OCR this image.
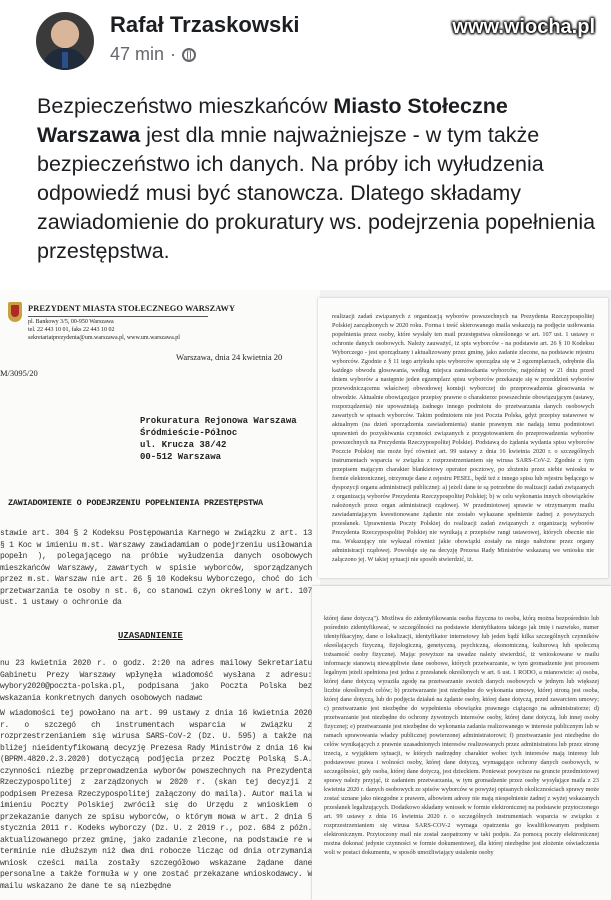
Rafał Trzaskowski
47 min ·
www.wiocha.pl
Bezpieczeństwo mieszkańców Miasto Stołeczne Warszawa jest dla mnie najważniejsze - w tym także bezpieczeństwo ich danych. Na próby ich wyłudzenia odpowiedź musi być stanowcza. Dlatego składamy zawiadomienie do prokuratury ws. podejrzenia popełnienia przestępstwa.
PREZYDENT MIASTA STOŁECZNEGO WARSZAWY
pl. Bankowy 3/5, 00-950 Warszawa
tel. 22 443 10 01, faks 22 443 10 02
sekretariatprezydenta@um.warszawa.pl, www.um.warszawa.pl
Warszawa, dnia 24 kwietnia 20
M/3095/20
Prokuratura Rejonowa Warszawa
Śródmieście-Północ
ul. Krucza 38/42
00-512 Warszawa
ZAWIADOMIENIE O PODEJRZENIU POPEŁNIENIA PRZESTĘPSTWA

stawie art. 304 § 2 Kodeksu Postępowania Karnego w związku z art. 13 § 1 Koc w imieniu m.st. Warszawy zawiadamiam o podejrzeniu usiłowania popełn ), polegającego na próbie wyłudzenia danych osobowych mieszkańców Warszawy, zawartych w spisie wyborców, sporządzanych przez m.st. Warszaw nie art. 26 § 10 Kodeksu Wyborczego, choć do ich przetwarzania te osoby n st. 6, co stanowi czyn określony w art. 107 ust. 1 ustawy o ochronie da

UZASADNIENIE

nu 23 kwietnia 2020 r. o godz. 2:20 na adres mailowy Sekretariatu Gabinetu Prezy Warszawy wpłynęła wiadomość wysłana z adresu: wybory2020@poczta-polska.pl, podpisana jako Poczta Polska bez wskazania konkretnych danych osobowych nadawc

W wiadomości tej powołano na art. 99 ustawy z dnia 16 kwietnia 2020 r. o szczegó ch instrumentach wsparcia w związku z rozprzestrzenianiem się wirusa SARS-CoV-2 (Dz. U. 595) a także na bliżej nieidentyfikowaną decyzję Prezesa Rady Ministrów z dnia 16 kw (BPRM.4820.2.3.2020) dotyczącą podjęcia przez Pocztę Polską S.A. czynności niezbę przeprowadzenia wyborów powszechnych na Prezydenta Rzeczypospolitej z zarządzonych w 2020 r. (skan tej decyzji z podpisem Prezesa Rzeczypospolitej załączony do maila). Autor maila w imieniu Poczty Polskiej zwrócił się do Urzędu z wnioskiem o przekazanie danych ze spisu wyborców, o którym mowa w art. 2 dnia 5 stycznia 2011 r. Kodeks wyborczy (Dz. U. z 2019 r., poz. 684 z późn. aktualizowanego przez gminę, jako zadanie zlecone, na podstawie re w terminie nie dłuższym niż dwa dni robocze licząc od dnia otrzymania wniosk cześci maila zostały szczegółowo wskazane żądane dane personalne a także formuła w y one zostać przekazane wnioskodawcy. W mailu wskazano że dane te są niezbędne

realizacji zadań związanych z organizacją wyborów powszechnych na Prezydenta Rzeczypospolitej Polskiej zarządzonych w 2020 roku. Forma i treść skierowanego maila wskazują na podjęcie usiłowania popełnienia przez osoby, które wysłały ten mail przestępstwa określonego w art. 107 ust. 1 ustawy o ochronie danych osobowych. Należy zauważyć, iż spis wyborców - na podstawie art. 26 § 10 Kodeksu Wyborczego - jest sporządzany i aktualizowany przez gminę, jako zadanie zlecone, na podstawie rejestru wyborców. Zgodnie z § 11 tego artykułu spis wyborców sporządza się w 2 egzemplarzach, odrębnie dla każdego obwodu głosowania, według miejsca zamieszkania wyborców, najpóźniej w 21 dniu przed dniem wyborów a następnie jeden egzemplarz spisu wyborców przekazuje się w przeddzień wyborów przewodniczącemu właściwej obwodowej komisji wyborczej do przeprowadzenia głosowania w obwodzie. Aktualnie obowiązujące przepisy prawne o charakterze powszechnie obowiązującym (ustawy, rozporządzenia) nie upoważniają żadnego innego podmiotu do przetwarzania danych osobowych zawartych w spisach wyborców. Takim podmiotem nie jest Poczta Polska, gdyż przepisy ustawowe w aktualnym (na dzień sporządzenia zawiadomienia) stanie prawnym nie nadają temu podmiotowi uprawnień do pozyskiwania czynności związanych z przygotowaniem do przeprowadzenia wyborów powszechnych na Prezydenta Rzeczypospolitej Polskiej. Podstawą do żądania wydania spisu wyborców Poczcie Polskiej nie może być również art. 99 ustawy z dnia 16 kwietnia 2020 r. o szczególnych instrumentach wsparcia w związku z rozprzestrzenianiem się wirusa SARS-CoV-2. Zgodnie z tym przepisem mającym charakter blankietowy operator pocztowy, po złożeniu przez siebie wniosku w formie elektronicznej, otrzymuje dane z rejestru PESEL, będź też z innego spisu lub rejestru będącego w dyspozycji organu administracji publicznej: a) jeżeli dane te są potrzebne do realizacji zadań związanych z organizacją wyborów Prezydenta Rzeczypospolitej Polskiej; b) w celu wykonania innych obowiązków nałożonych przez organ administracji rządowej. W przedmiotowej sprawie w otrzymanym mailu zawiadamiającym kwestionowane żądanie nie zostało wykazane spełnienie żadnej z powyższych przesłanek. Uprawnienia Poczty Polskiej do realizacji zadań związanych z organizacją wyborów Prezydenta Rzeczypospolitej Polskiej nie wynikają z przepisów rangi ustawowej, których obecnie nie ma. Wskazujący nie wykazał również jakie obowiązki zostały na niego nałożone przez organy administracji rządowej. Powołuje się na decyzję Prezesa Rady Ministrów wskazaną we wniosku nie załączono jej. W takiej sytuacji nie sposób stwierdzić, iż.

której dane dotyczą"). Możliwa do zidentyfikowania osoba fizyczna to osoba, którą można bezpośrednio lub pośrednio zidentyfikować, w szczególności na podstawie identyfikatora takiego jak imię i nazwisko, numer identyfikacyjny, dane o lokalizacji, identyfikator internetowy lub jeden bądź kilka szczególnych czynników określających fizyczną, fizjologiczną, genetyczną, psychiczną, ekonomiczną, kulturową lub społeczną tożsamość osoby fizycznej. Mając powyższe na uwadze należy stwierdzić, iż wnioskowane w mailu informacje stanowią niewątpliwie dane osobowe, których przetwarzanie, w tym gromadzenie jest procesem legalnym jeżeli spełniona jest jedna z przesłanek określonych w art. 6 ust. 1 RODO, a mianowicie: a) osoba, której dane dotyczą wyraziła zgodę na przetwarzanie swoich danych osobowych w jednym lub większej liczbie określonych celów; b) przetwarzanie jest niezbędne do wykonania umowy, której stroną jest osoba, której dane dotyczą, lub do podjęcia działań na żądanie osoby, której dane dotyczą, przed zawarciem umowy; c) przetwarzanie jest niezbędne do wypełnienia obowiązku prawnego ciążącego na administratorze; d) przetwarzanie jest niezbędne do ochrony żywotnych interesów osoby, której dane dotyczą, lub innej osoby fizycznej; e) przetwarzanie jest niezbędne do wykonania zadania realizowanego w interesie publicznym lub w ramach sprawowania władzy publicznej powierzonej administratorowi; f) przetwarzanie jest niezbędne do celów wynikających z prawnie uzasadnionych interesów realizowanych przez administratora lub przez stronę trzecią, z wyjątkiem sytuacji, w których nadrzędny charakter wobec tych interesów mają interesy lub podstawowe prawa i wolności osoby, której dane dotyczą, wymagające ochrony danych osobowych, w szczególności, gdy osoba, której dane dotyczą, jest dzieckiem. Ponieważ powyższe na gruncie przedmiotowej sprawy należy przyjąć, iż zadaniem przetwarzania, w tym gromadzenie przez osoby wysyłające maila z 23 kwietnia 2020 r. danych osobowych ze spisów wyborców w powyżej opisanych okolicznościach sprawy może zostać uznane jako niezgodne z prawem, albowiem adresy nie mają niespełnienie żadnej z wyżej wskazanych przesłanek legalizujących. Dodatkowo składany wniosek w formie elektronicznej na podstawie przytoczonego art. 99 ustawy z dnia 16 kwietnia 2020 r. o szczególnych instrumentach wsparcia w związku z rozprzestrzenianiem się wirusa SARS-COV-2 wymaga opatrzenia go kwalifikowanym podpisem elektronicznym. Przytoczony mail nie został zaopatrzony w taki podpis. Za pomocą poczty elektronicznej można dokonać jedynie czynności w formie dokumentowej, dla której niezbędne jest złożenie oświadczenia woli w postaci dokumentu, w sposób umożliwiający ustalenie osoby
